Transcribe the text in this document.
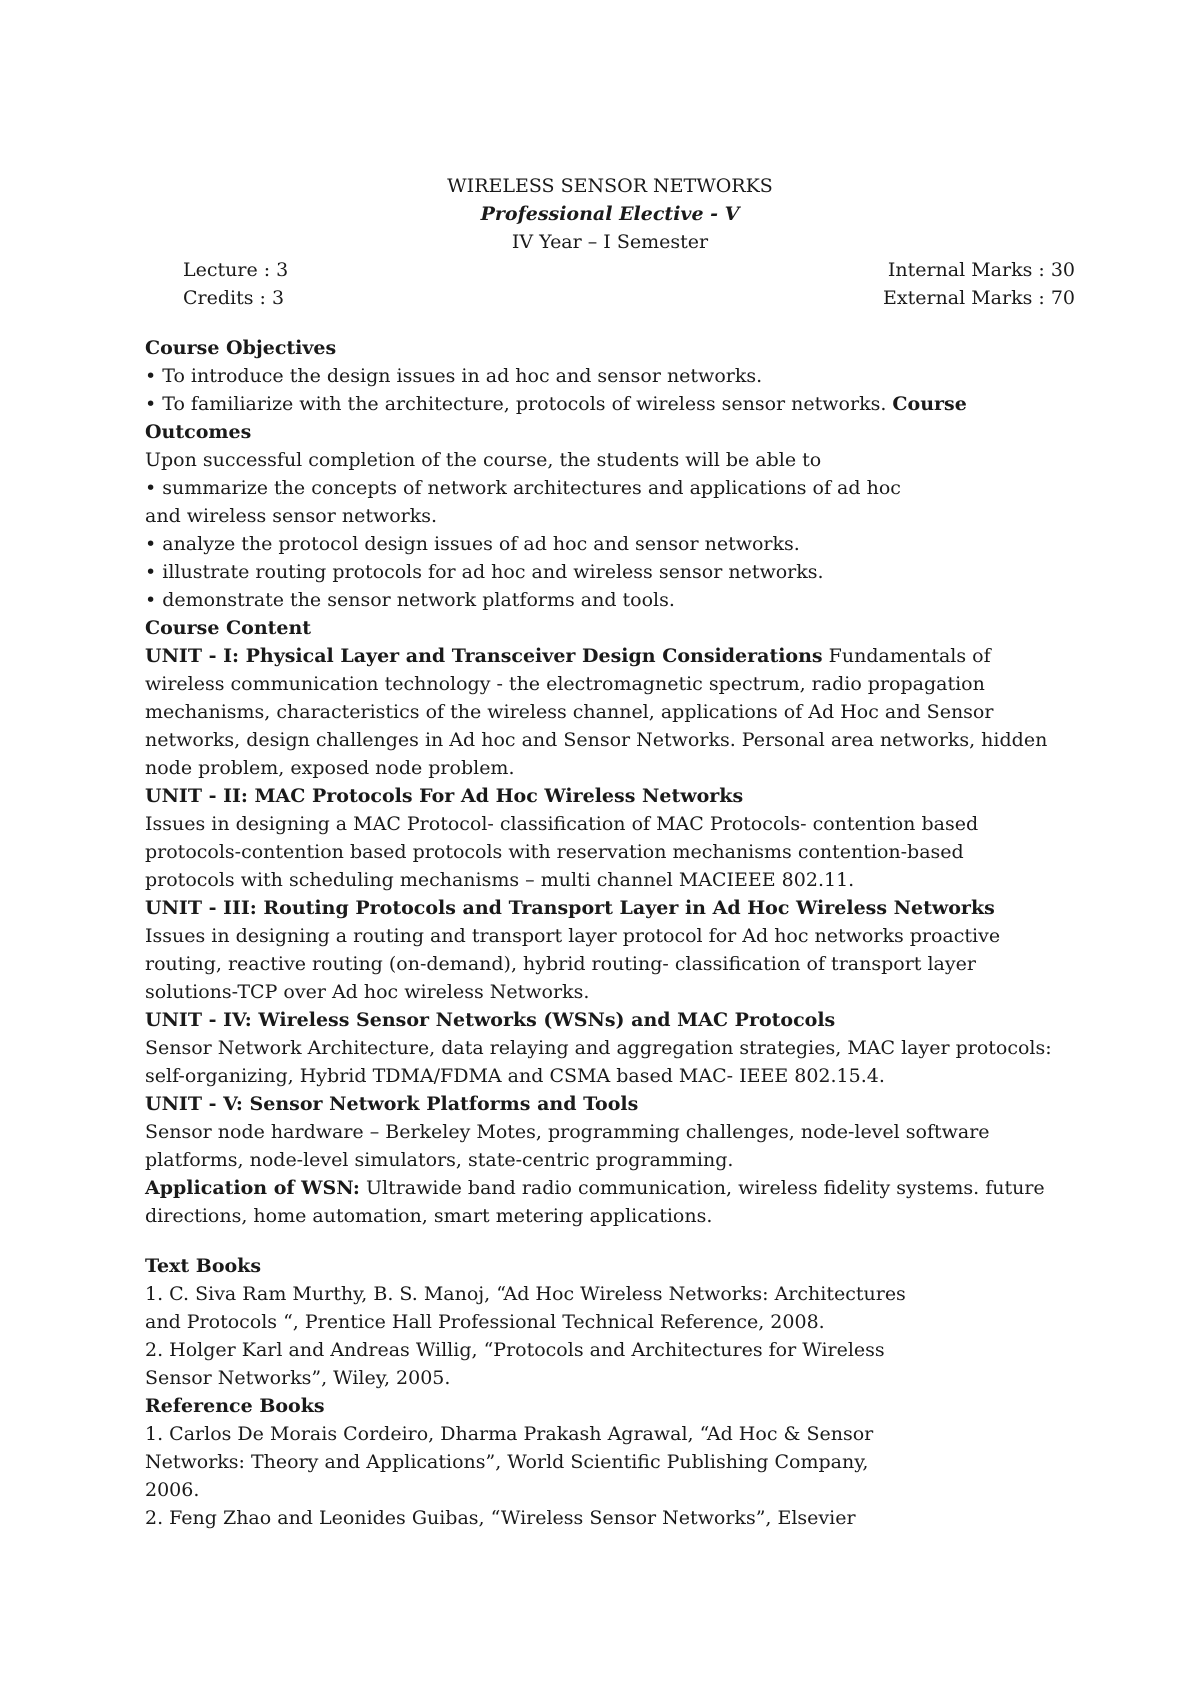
WIRELESS SENSOR NETWORKS
Professional Elective - V
IV Year – I Semester
Lecture : 3
Credits : 3
Internal Marks : 30
External Marks : 70
Course Objectives
• To introduce the design issues in ad hoc and sensor networks.
• To familiarize with the architecture, protocols of wireless sensor networks. Course
Outcomes
Upon successful completion of the course, the students will be able to
• summarize the concepts of network architectures and applications of ad hoc
and wireless sensor networks.
• analyze the protocol design issues of ad hoc and sensor networks.
• illustrate routing protocols for ad hoc and wireless sensor networks.
• demonstrate the sensor network platforms and tools.
Course Content
UNIT - I: Physical Layer and Transceiver Design Considerations Fundamentals of
wireless communication technology - the electromagnetic spectrum, radio propagation
mechanisms, characteristics of the wireless channel, applications of Ad Hoc and Sensor
networks, design challenges in Ad hoc and Sensor Networks. Personal area networks, hidden
node problem, exposed node problem.
UNIT - II: MAC Protocols For Ad Hoc Wireless Networks
Issues in designing a MAC Protocol- classification of MAC Protocols- contention based
protocols-contention based protocols with reservation mechanisms contention-based
protocols with scheduling mechanisms – multi channel MACIEEE 802.11.
UNIT - III: Routing Protocols and Transport Layer in Ad Hoc Wireless Networks
Issues in designing a routing and transport layer protocol for Ad hoc networks proactive
routing, reactive routing (on-demand), hybrid routing- classification of transport layer
solutions-TCP over Ad hoc wireless Networks.
UNIT - IV: Wireless Sensor Networks (WSNs) and MAC Protocols
Sensor Network Architecture, data relaying and aggregation strategies, MAC layer protocols:
self-organizing, Hybrid TDMA/FDMA and CSMA based MAC- IEEE 802.15.4.
UNIT - V: Sensor Network Platforms and Tools
Sensor node hardware – Berkeley Motes, programming challenges, node-level software
platforms, node-level simulators, state-centric programming.
Application of WSN: Ultrawide band radio communication, wireless fidelity systems. future
directions, home automation, smart metering applications.
Text Books
1. C. Siva Ram Murthy, B. S. Manoj, “Ad Hoc Wireless Networks: Architectures
and Protocols “, Prentice Hall Professional Technical Reference, 2008.
2. Holger Karl and Andreas Willig, “Protocols and Architectures for Wireless
Sensor Networks”, Wiley, 2005.
Reference Books
1. Carlos De Morais Cordeiro, Dharma Prakash Agrawal, “Ad Hoc & Sensor
Networks: Theory and Applications”, World Scientific Publishing Company,
2006.
2. Feng Zhao and Leonides Guibas, “Wireless Sensor Networks”, Elsevier
